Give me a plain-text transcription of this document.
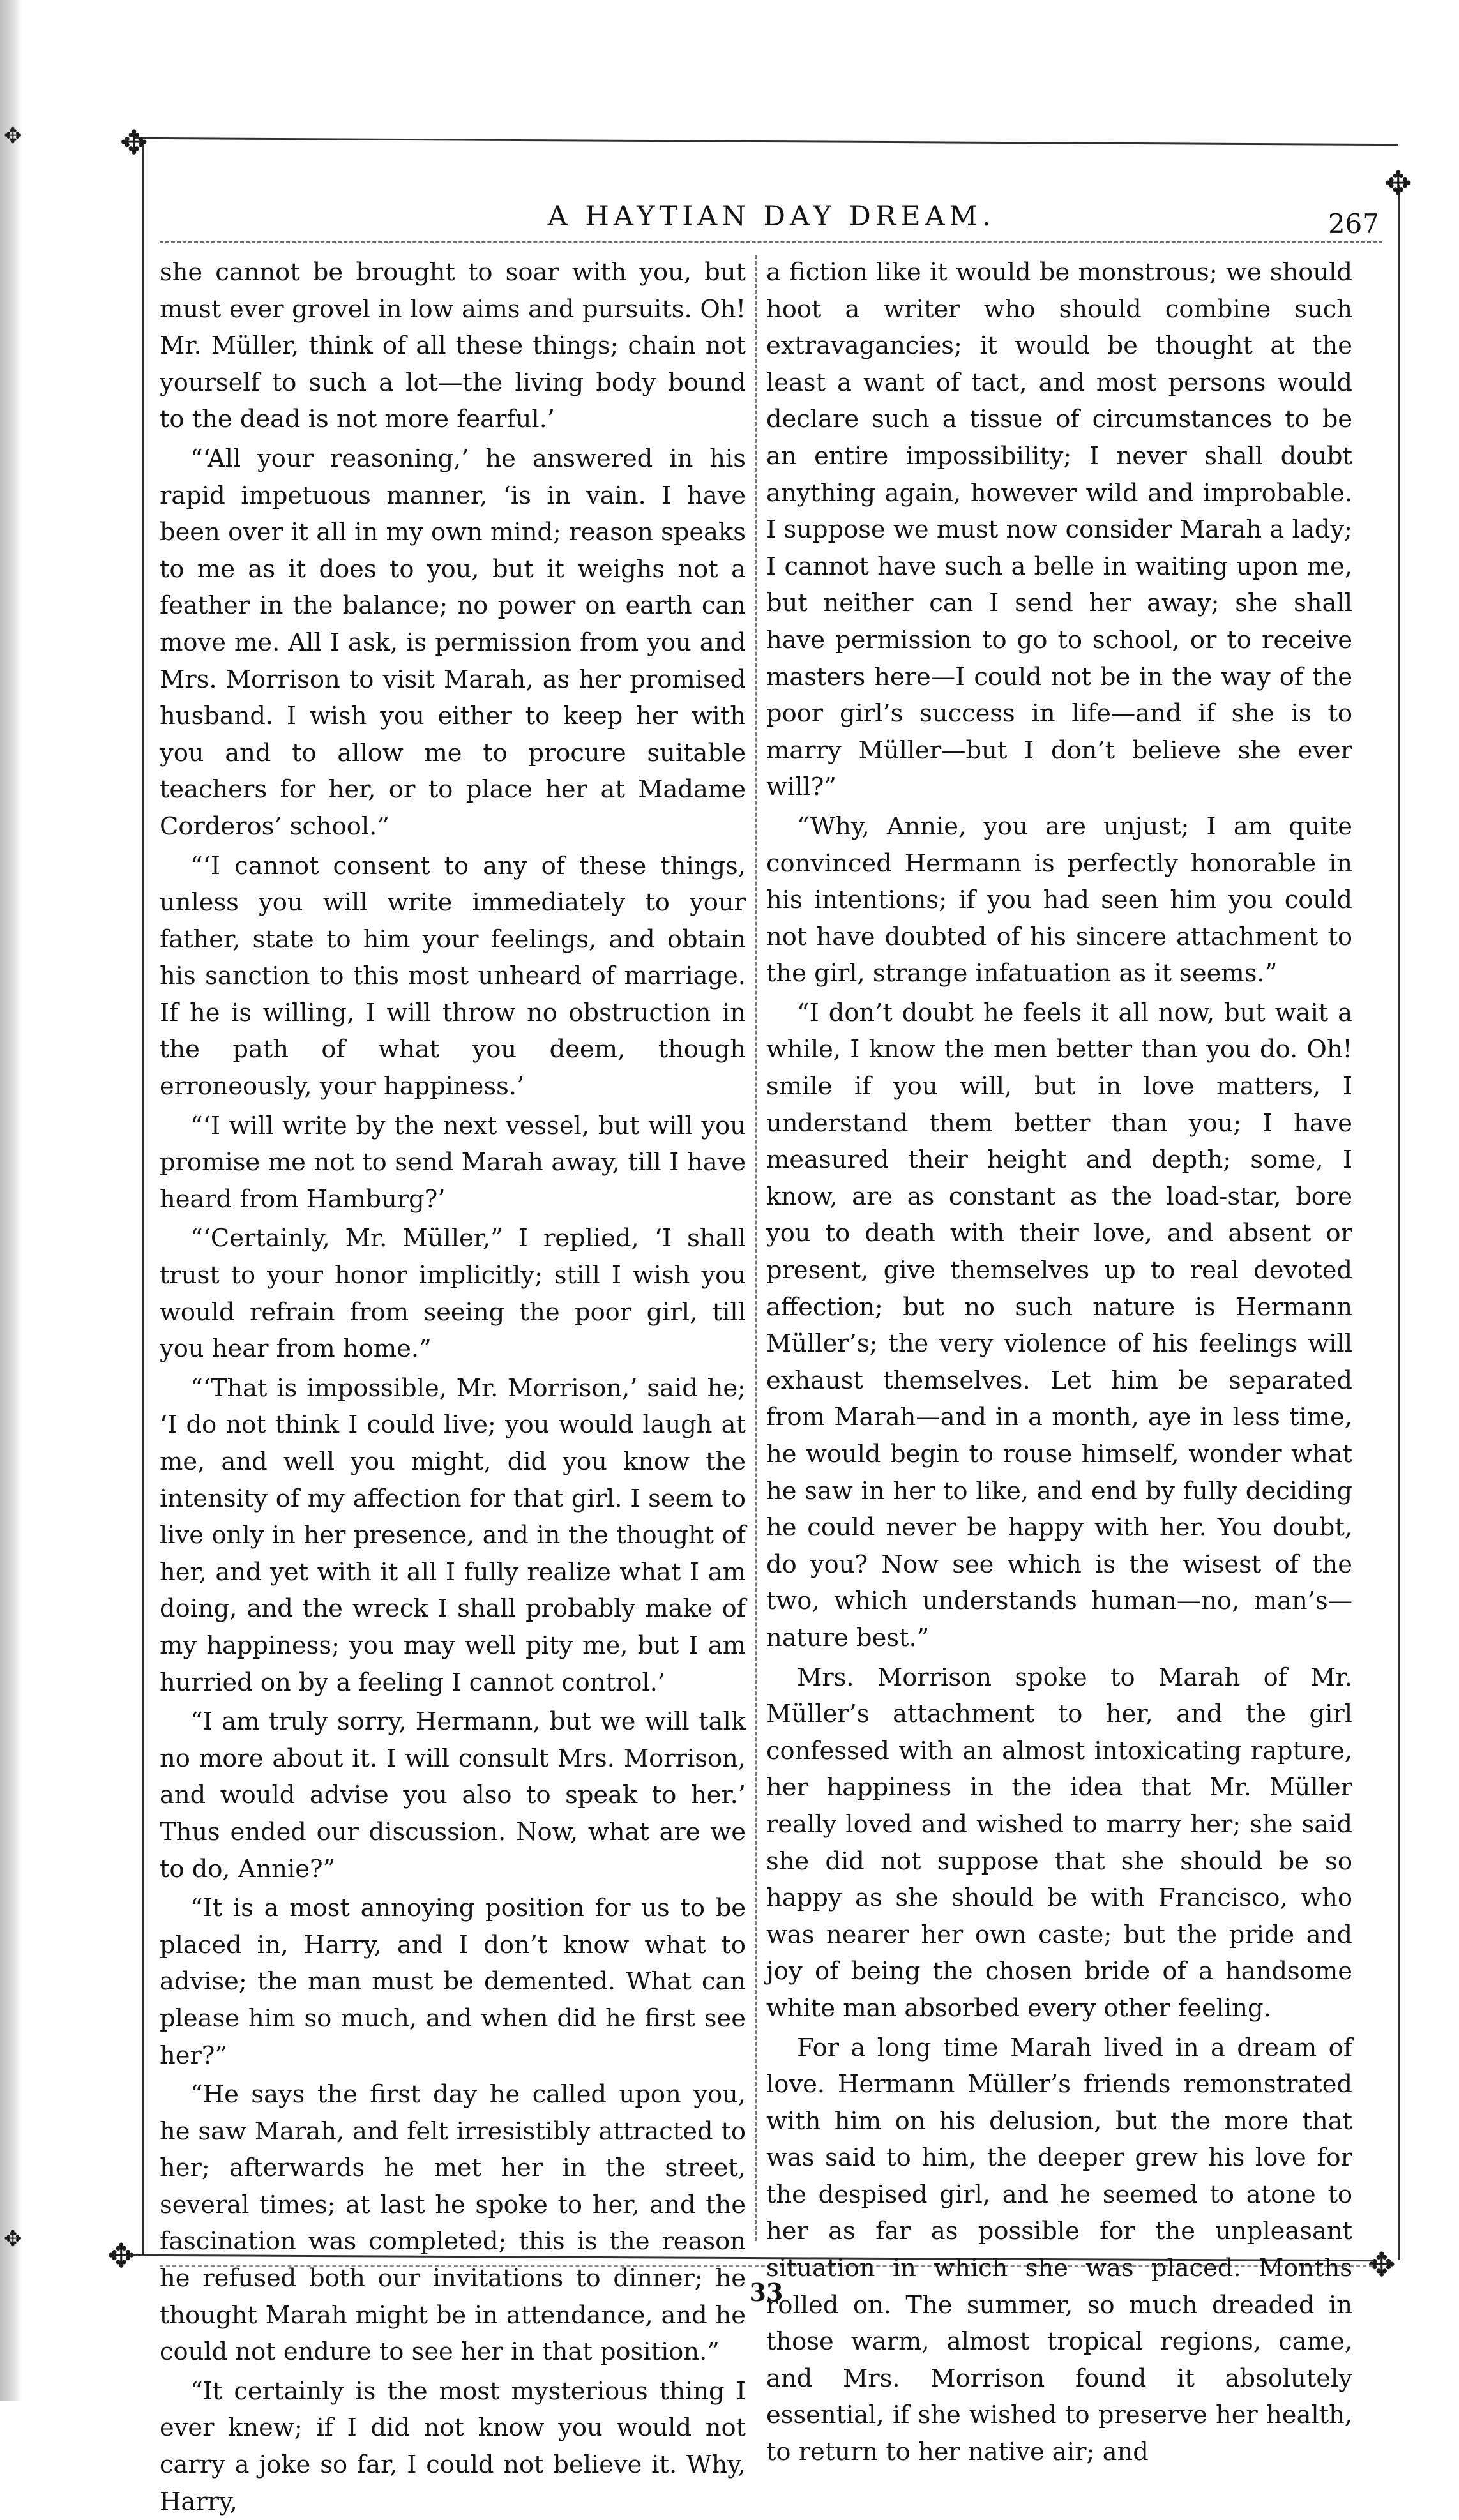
✥
✥
✥	✥
✥
✥
A HAYTIAN DAY DREAM.	267

she cannot be brought to soar with you, but must ever grovel in low aims and pursuits. Oh! Mr. Müller, think of all these things; chain not yourself to such a lot—the living body bound to the dead is not more fearful.’

“‘All your reasoning,’ he answered in his rapid impetuous manner, ‘is in vain. I have been over it all in my own mind; reason speaks to me as it does to you, but it weighs not a feather in the balance; no power on earth can move me. All I ask, is permission from you and Mrs. Morrison to visit Marah, as her promised husband. I wish you either to keep her with you and to allow me to procure suitable teachers for her, or to place her at Madame Corderos’ school.”

“‘I cannot consent to any of these things, unless you will write immediately to your father, state to him your feelings, and obtain his sanction to this most unheard of marriage. If he is willing, I will throw no obstruction in the path of what you deem, though erroneously, your happiness.’

“‘I will write by the next vessel, but will you promise me not to send Marah away, till I have heard from Hamburg?’

“‘Certainly, Mr. Müller,” I replied, ‘I shall trust to your honor implicitly; still I wish you would refrain from seeing the poor girl, till you hear from home.”

“‘That is impossible, Mr. Morrison,’ said he; ‘I do not think I could live; you would laugh at me, and well you might, did you know the intensity of my affection for that girl. I seem to live only in her presence, and in the thought of her, and yet with it all I fully realize what I am doing, and the wreck I shall probably make of my happiness; you may well pity me, but I am hurried on by a feeling I cannot control.’

“I am truly sorry, Hermann, but we will talk no more about it. I will consult Mrs. Morrison, and would advise you also to speak to her.’ Thus ended our discussion. Now, what are we to do, Annie?”

“It is a most annoying position for us to be placed in, Harry, and I don’t know what to advise; the man must be demented. What can please him so much, and when did he first see her?”

“He says the first day he called upon you, he saw Marah, and felt irresistibly attracted to her; afterwards he met her in the street, several times; at last he spoke to her, and the fascination was completed; this is the reason he refused both our invitations to dinner; he thought Marah might be in attendance, and he could not endure to see her in that position.”

“It certainly is the most mysterious thing I ever knew; if I did not know you would not carry a joke so far, I could not believe it. Why, Harry,

a fiction like it would be monstrous; we should hoot a writer who should combine such extravagancies; it would be thought at the least a want of tact, and most persons would declare such a tissue of circumstances to be an entire impossibility; I never shall doubt anything again, however wild and improbable. I suppose we must now consider Marah a lady; I cannot have such a belle in waiting upon me, but neither can I send her away; she shall have permission to go to school, or to receive masters here—I could not be in the way of the poor girl’s success in life—and if she is to marry Müller—but I don’t believe she ever will?”

“Why, Annie, you are unjust; I am quite convinced Hermann is perfectly honorable in his intentions; if you had seen him you could not have doubted of his sincere attachment to the girl, strange infatuation as it seems.”

“I don’t doubt he feels it all now, but wait a while, I know the men better than you do. Oh! smile if you will, but in love matters, I understand them better than you; I have measured their height and depth; some, I know, are as constant as the load-star, bore you to death with their love, and absent or present, give themselves up to real devoted affection; but no such nature is Hermann Müller’s; the very violence of his feelings will exhaust themselves. Let him be separated from Marah—and in a month, aye in less time, he would begin to rouse himself, wonder what he saw in her to like, and end by fully deciding he could never be happy with her. You doubt, do you? Now see which is the wisest of the two, which understands human—no, man’s—nature best.”

Mrs. Morrison spoke to Marah of Mr. Müller’s attachment to her, and the girl confessed with an almost intoxicating rapture, her happiness in the idea that Mr. Müller really loved and wished to marry her; she said she did not suppose that she should be so happy as she should be with Francisco, who was nearer her own caste; but the pride and joy of being the chosen bride of a handsome white man absorbed every other feeling.

For a long time Marah lived in a dream of love. Hermann Müller’s friends remonstrated with him on his delusion, but the more that was said to him, the deeper grew his love for the despised girl, and he seemed to atone to her as far as possible for the unpleasant situation in which she was placed. Months rolled on. The summer, so much dreaded in those warm, almost tropical regions, came, and Mrs. Morrison found it absolutely essential, if she wished to preserve her health, to return to her native air; and

33
